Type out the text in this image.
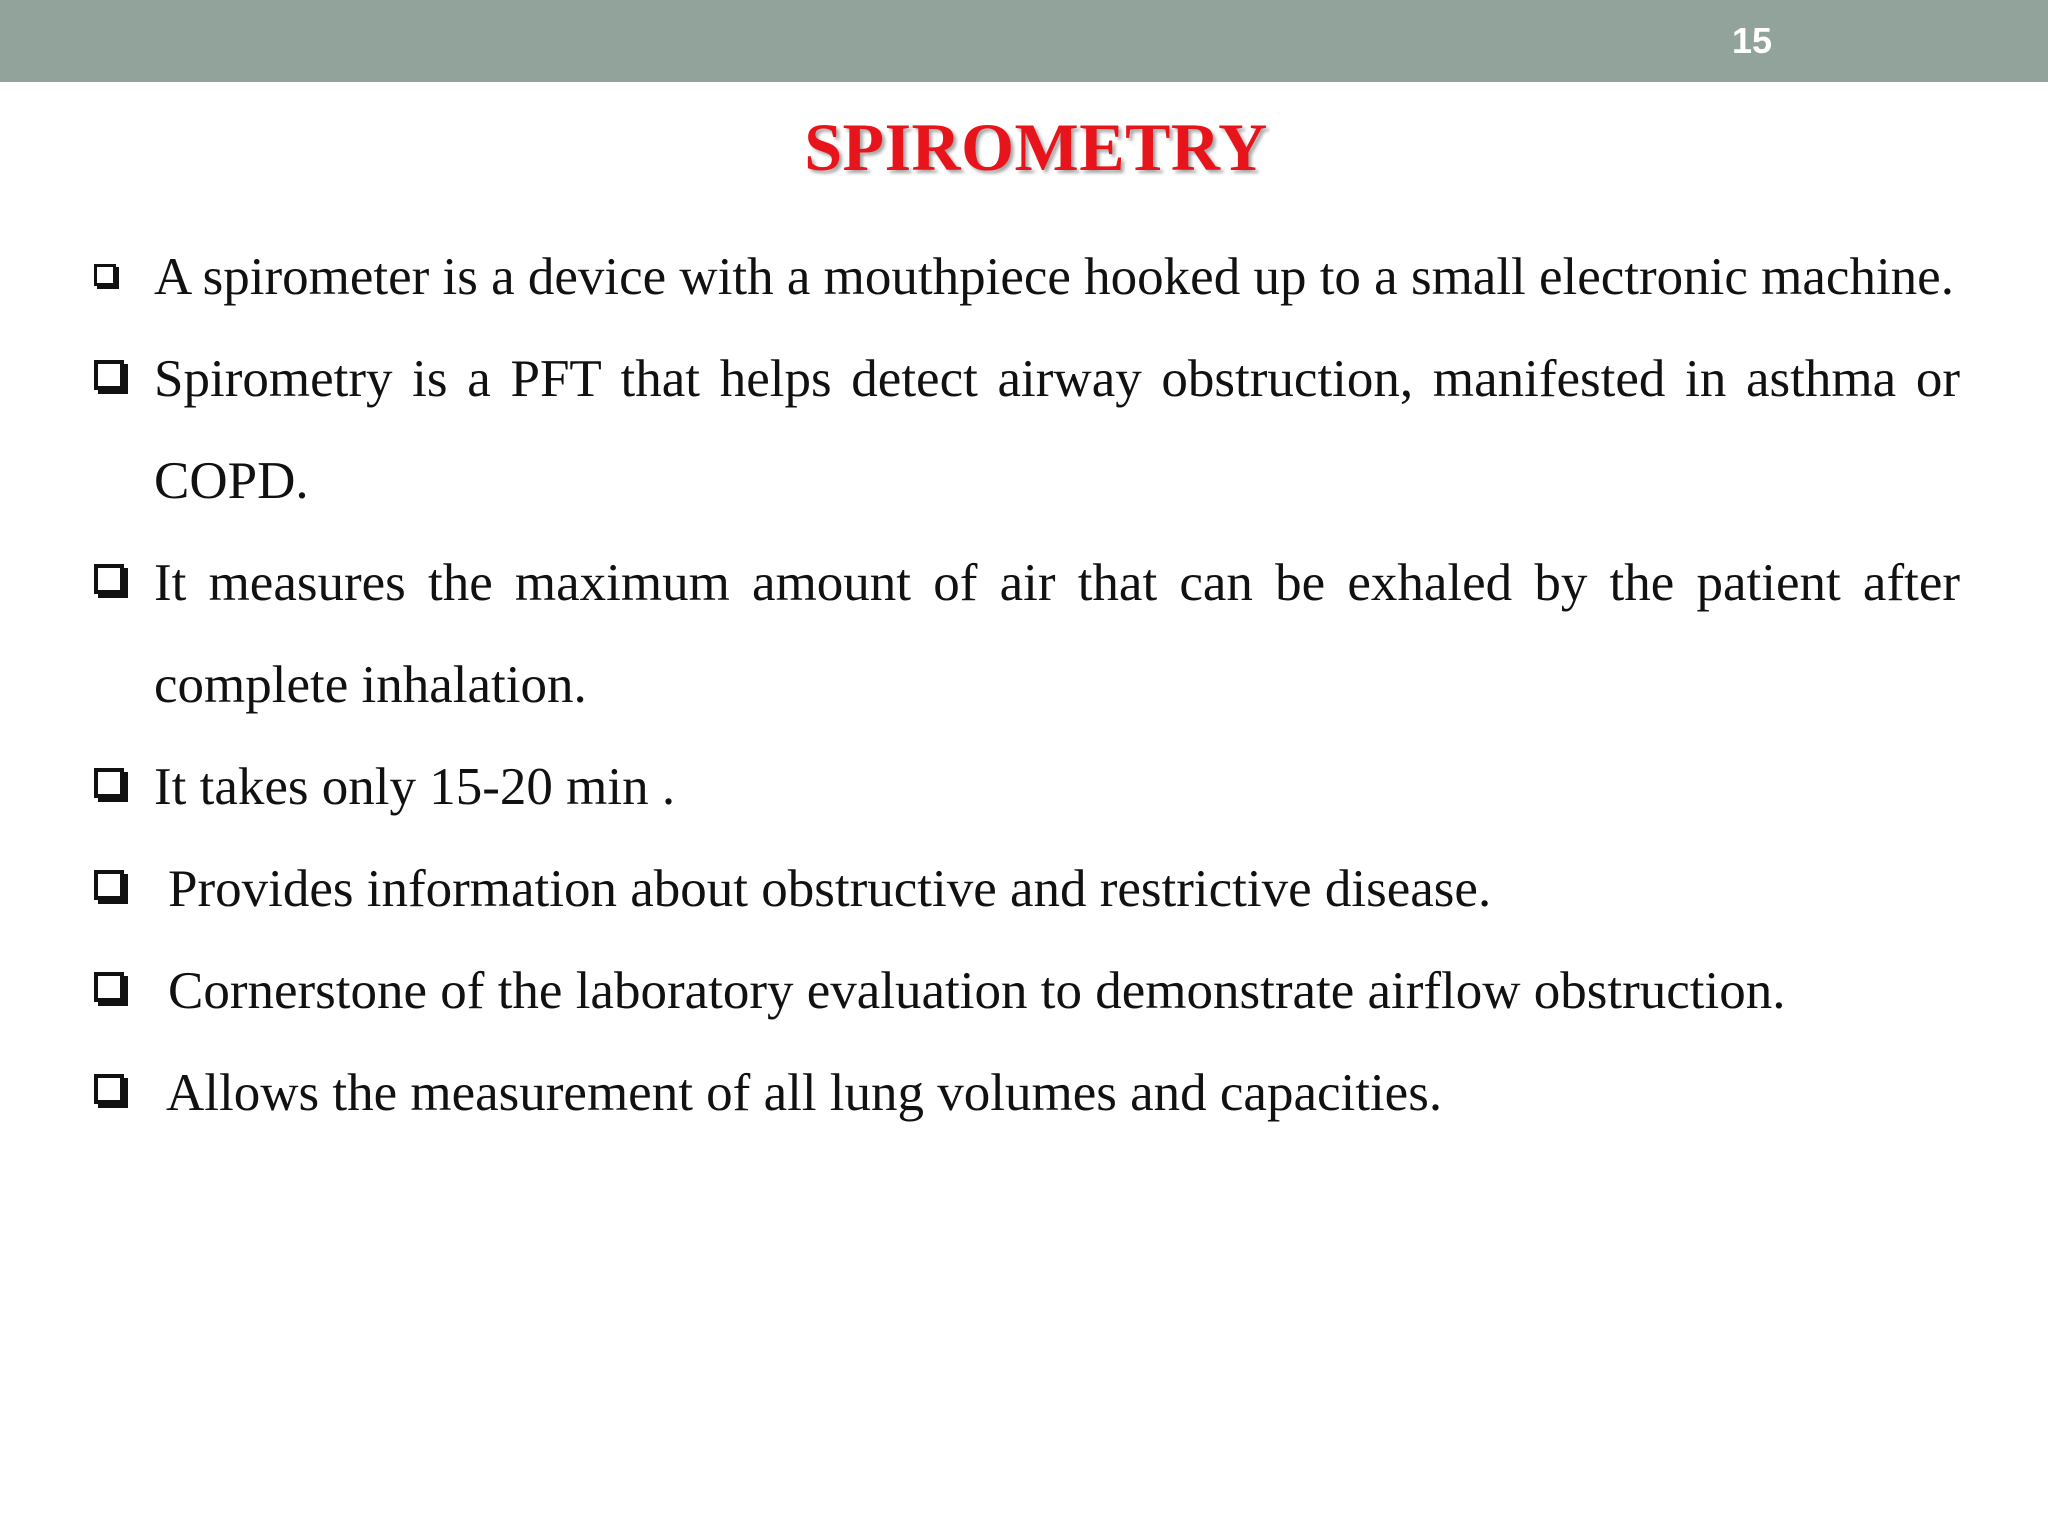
15
SPIROMETRY
A spirometer is a device with a mouthpiece hooked up to a small electronic machine.
Spirometry is a PFT that helps detect airway obstruction, manifested in asthma or COPD.
It measures the maximum amount of air that can be exhaled by the patient after complete inhalation.
It takes only 15-20 min .
Provides information about obstructive and restrictive disease.
Cornerstone of the laboratory evaluation to demonstrate airflow obstruction.
Allows the measurement of all lung volumes and capacities.
